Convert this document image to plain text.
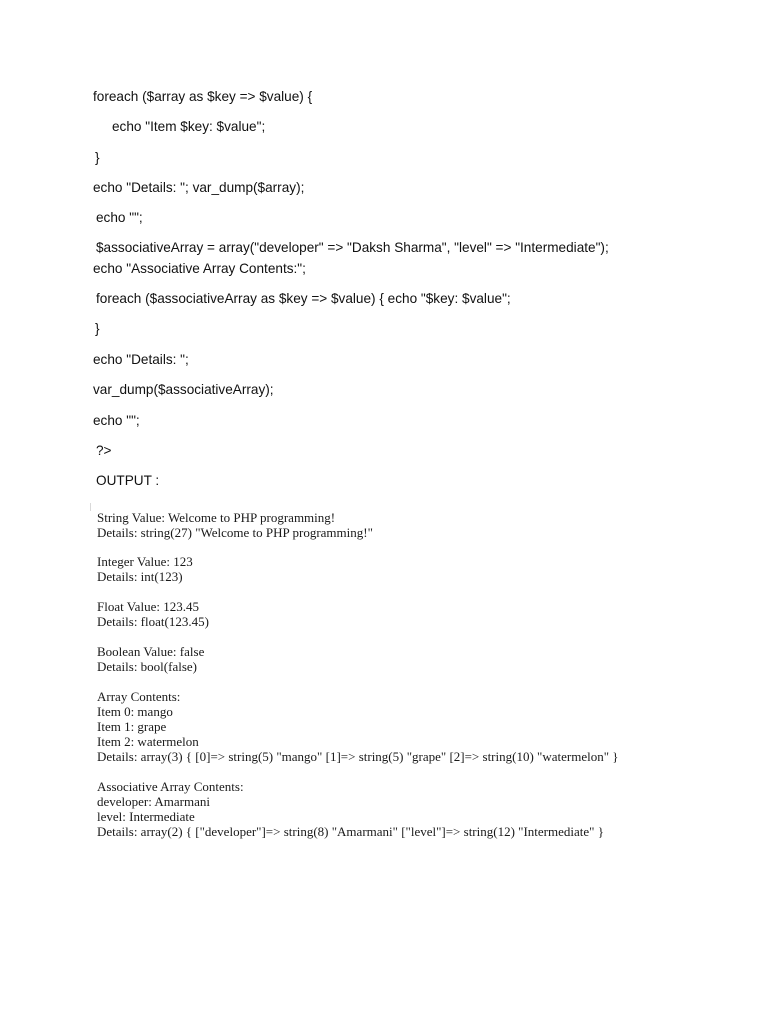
foreach ($array as $key => $value) {
echo "Item $key: $value";
}
echo "Details: "; var_dump($array);
echo "";
$associativeArray = array("developer" => "Daksh Sharma", "level" => "Intermediate");
echo "Associative Array Contents:";
foreach ($associativeArray as $key => $value) { echo "$key: $value";
}
echo "Details: ";
var_dump($associativeArray);
echo "";
?>
OUTPUT :
String Value: Welcome to PHP programming!
Details: string(27) "Welcome to PHP programming!"
Integer Value: 123
Details: int(123)
Float Value: 123.45
Details: float(123.45)
Boolean Value: false
Details: bool(false)
Array Contents:
Item 0: mango
Item 1: grape
Item 2: watermelon
Details: array(3) { [0]=> string(5) "mango" [1]=> string(5) "grape" [2]=> string(10) "watermelon" }
Associative Array Contents:
developer: Amarmani
level: Intermediate
Details: array(2) { ["developer"]=> string(8) "Amarmani" ["level"]=> string(12) "Intermediate" }
